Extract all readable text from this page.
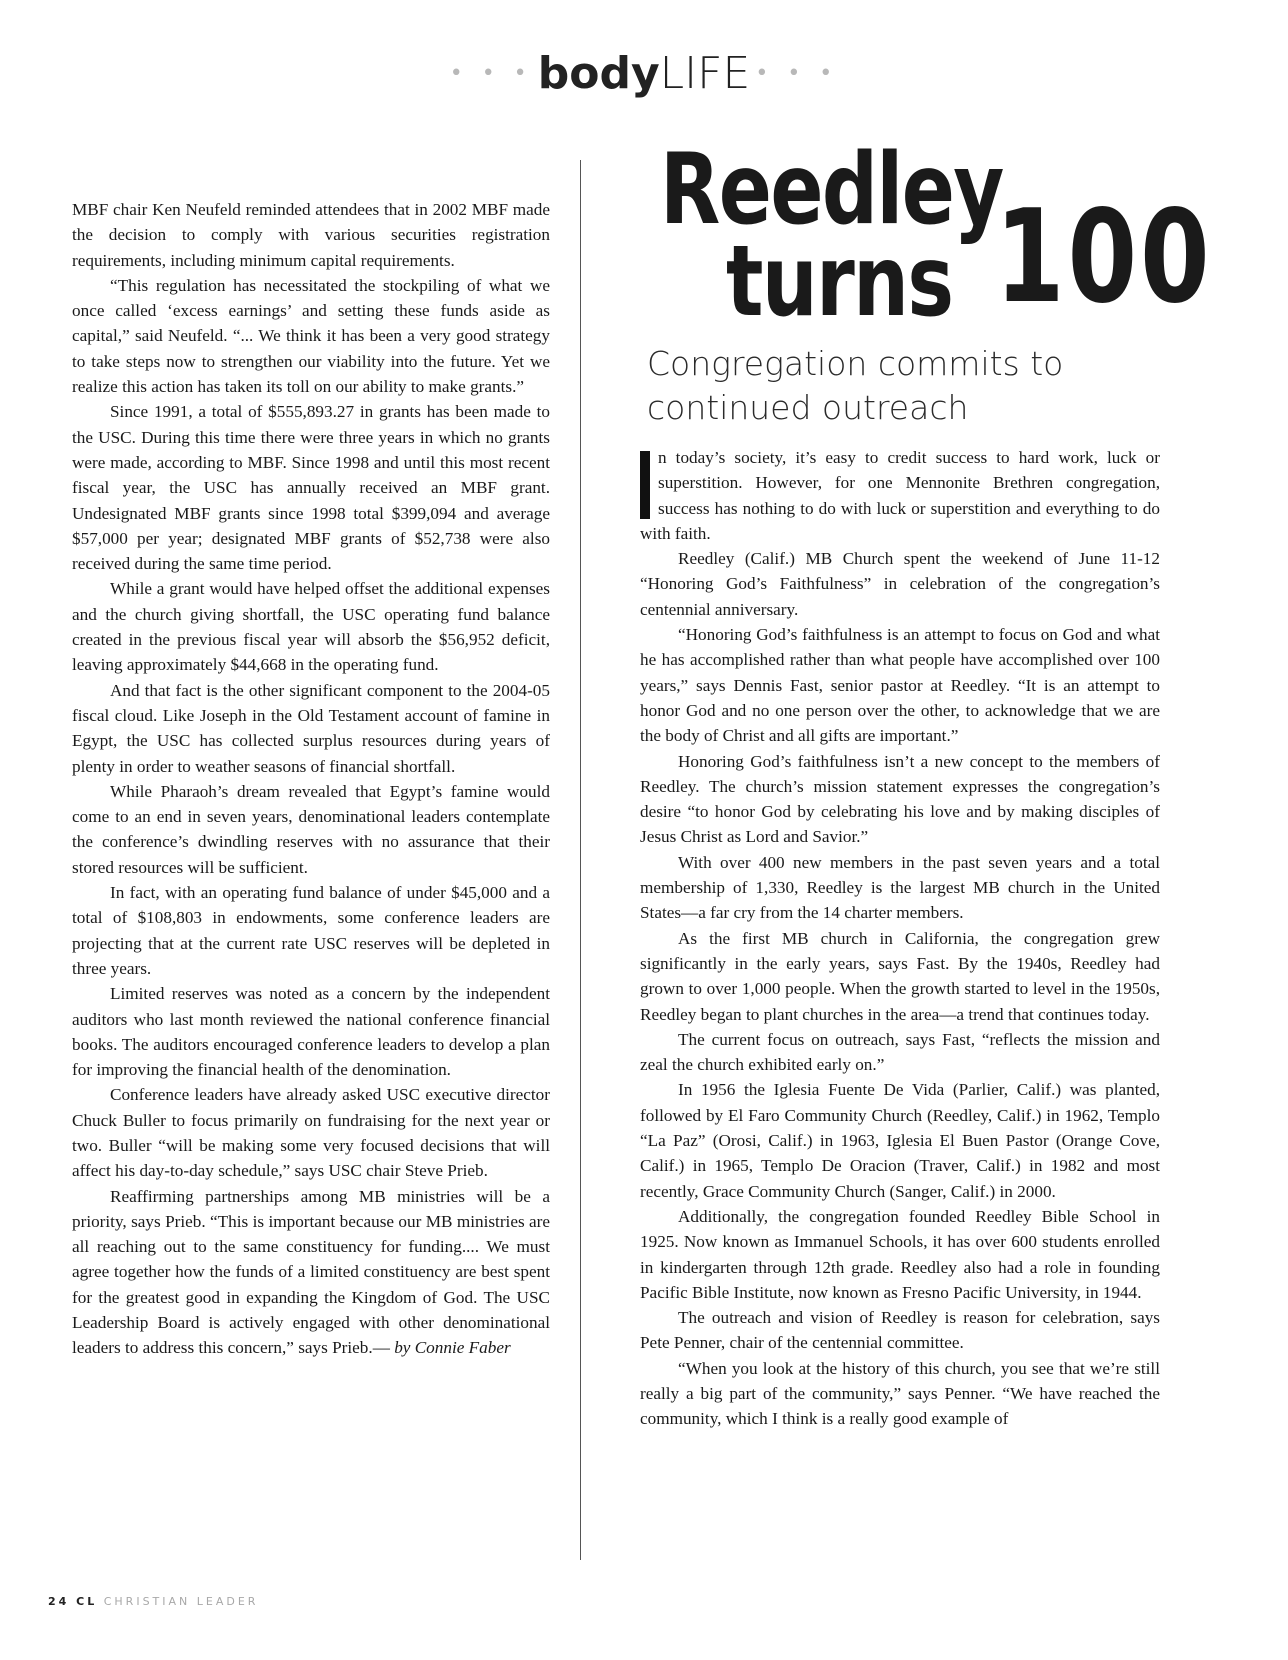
• • • bodyLIFE • • •

MBF chair Ken Neufeld reminded attendees that in 2002 MBF made the decision to comply with various securities registration requirements, including minimum capital requirements.

“This regulation has necessitated the stockpiling of what we once called ‘excess earnings’ and setting these funds aside as capital,” said Neufeld. “... We think it has been a very good strategy to take steps now to strengthen our viability into the future. Yet we realize this action has taken its toll on our ability to make grants.”

Since 1991, a total of $555,893.27 in grants has been made to the USC. During this time there were three years in which no grants were made, according to MBF. Since 1998 and until this most recent fiscal year, the USC has annually received an MBF grant. Undesignated MBF grants since 1998 total $399,094 and average $57,000 per year; designated MBF grants of $52,738 were also received during the same time period.

While a grant would have helped offset the additional expenses and the church giving shortfall, the USC operating fund balance created in the previous fiscal year will absorb the $56,952 deficit, leaving approximately $44,668 in the operating fund.

And that fact is the other significant component to the 2004-05 fiscal cloud. Like Joseph in the Old Testament account of famine in Egypt, the USC has collected surplus resources during years of plenty in order to weather seasons of financial shortfall.

While Pharaoh’s dream revealed that Egypt’s famine would come to an end in seven years, denominational leaders contemplate the conference’s dwindling reserves with no assurance that their stored resources will be sufficient.

In fact, with an operating fund balance of under $45,000 and a total of $108,803 in endowments, some conference leaders are projecting that at the current rate USC reserves will be depleted in three years.

Limited reserves was noted as a concern by the independent auditors who last month reviewed the national conference financial books. The auditors encouraged conference leaders to develop a plan for improving the financial health of the denomination.

Conference leaders have already asked USC executive director Chuck Buller to focus primarily on fundraising for the next year or two. Buller “will be making some very focused decisions that will affect his day-to-day schedule,” says USC chair Steve Prieb.

Reaffirming partnerships among MB ministries will be a priority, says Prieb. “This is important because our MB ministries are all reaching out to the same constituency for funding.... We must agree together how the funds of a limited constituency are best spent for the greatest good in expanding the Kingdom of God. The USC Leadership Board is actively engaged with other denominational leaders to address this concern,” says Prieb.— by Connie Faber

Reedley
turns 100
Congregation commits to continued outreach

n today’s society, it’s easy to credit success to hard work, luck or superstition. However, for one Mennonite Brethren congregation, success has nothing to do with luck or superstition and everything to do with faith.

Reedley (Calif.) MB Church spent the weekend of June 11-12 “Honoring God’s Faithfulness” in celebration of the congregation’s centennial anniversary.

“Honoring God’s faithfulness is an attempt to focus on God and what he has accomplished rather than what people have accomplished over 100 years,” says Dennis Fast, senior pastor at Reedley. “It is an attempt to honor God and no one person over the other, to acknowledge that we are the body of Christ and all gifts are important.”

Honoring God’s faithfulness isn’t a new concept to the members of Reedley. The church’s mission statement expresses the congregation’s desire “to honor God by celebrating his love and by making disciples of Jesus Christ as Lord and Savior.”

With over 400 new members in the past seven years and a total membership of 1,330, Reedley is the largest MB church in the United States—a far cry from the 14 charter members.

As the first MB church in California, the congregation grew significantly in the early years, says Fast. By the 1940s, Reedley had grown to over 1,000 people. When the growth started to level in the 1950s, Reedley began to plant churches in the area—a trend that continues today.

The current focus on outreach, says Fast, “reflects the mission and zeal the church exhibited early on.”

In 1956 the Iglesia Fuente De Vida (Parlier, Calif.) was planted, followed by El Faro Community Church (Reedley, Calif.) in 1962, Templo “La Paz” (Orosi, Calif.) in 1963, Iglesia El Buen Pastor (Orange Cove, Calif.) in 1965, Templo De Oracion (Traver, Calif.) in 1982 and most recently, Grace Community Church (Sanger, Calif.) in 2000.

Additionally, the congregation founded Reedley Bible School in 1925. Now known as Immanuel Schools, it has over 600 students enrolled in kindergarten through 12th grade. Reedley also had a role in founding Pacific Bible Institute, now known as Fresno Pacific University, in 1944.

The outreach and vision of Reedley is reason for celebration, says Pete Penner, chair of the centennial committee.

“When you look at the history of this church, you see that we’re still really a big part of the community,” says Penner. “We have reached the community, which I think is a really good example of

24 CL CHRISTIAN LEADER
